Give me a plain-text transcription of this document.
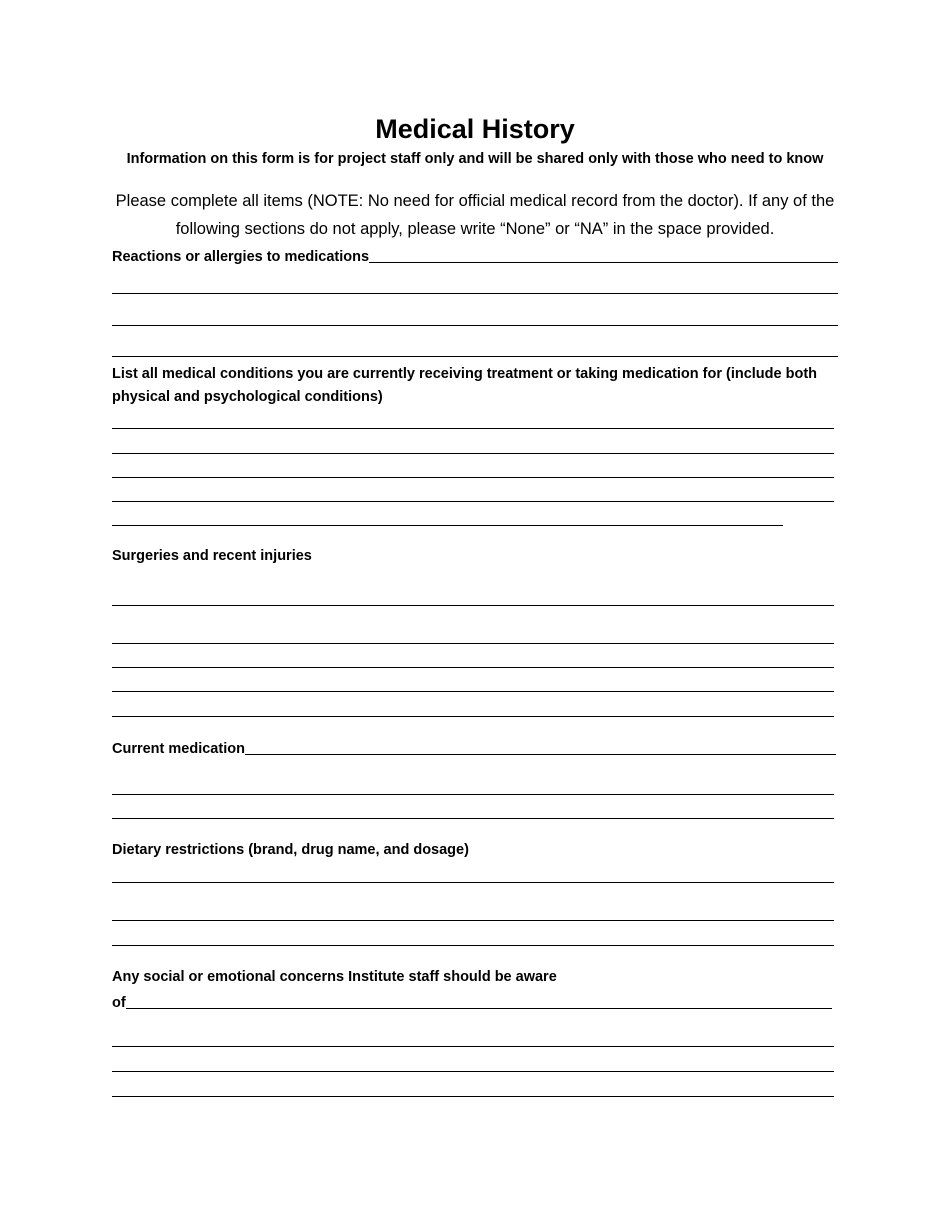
Medical History
Information on this form is for project staff only and will be shared only with those who need to know
Please complete all items (NOTE: No need for official medical record from the doctor). If any of the following sections do not apply, please write “None” or “NA” in the space provided.
Reactions or allergies to medications
List all medical conditions you are currently receiving treatment or taking medication for (include both physical and psychological conditions)
Surgeries and recent injuries
Current medication
Dietary restrictions (brand, drug name, and dosage)
Any social or emotional concerns Institute staff should be aware
of
